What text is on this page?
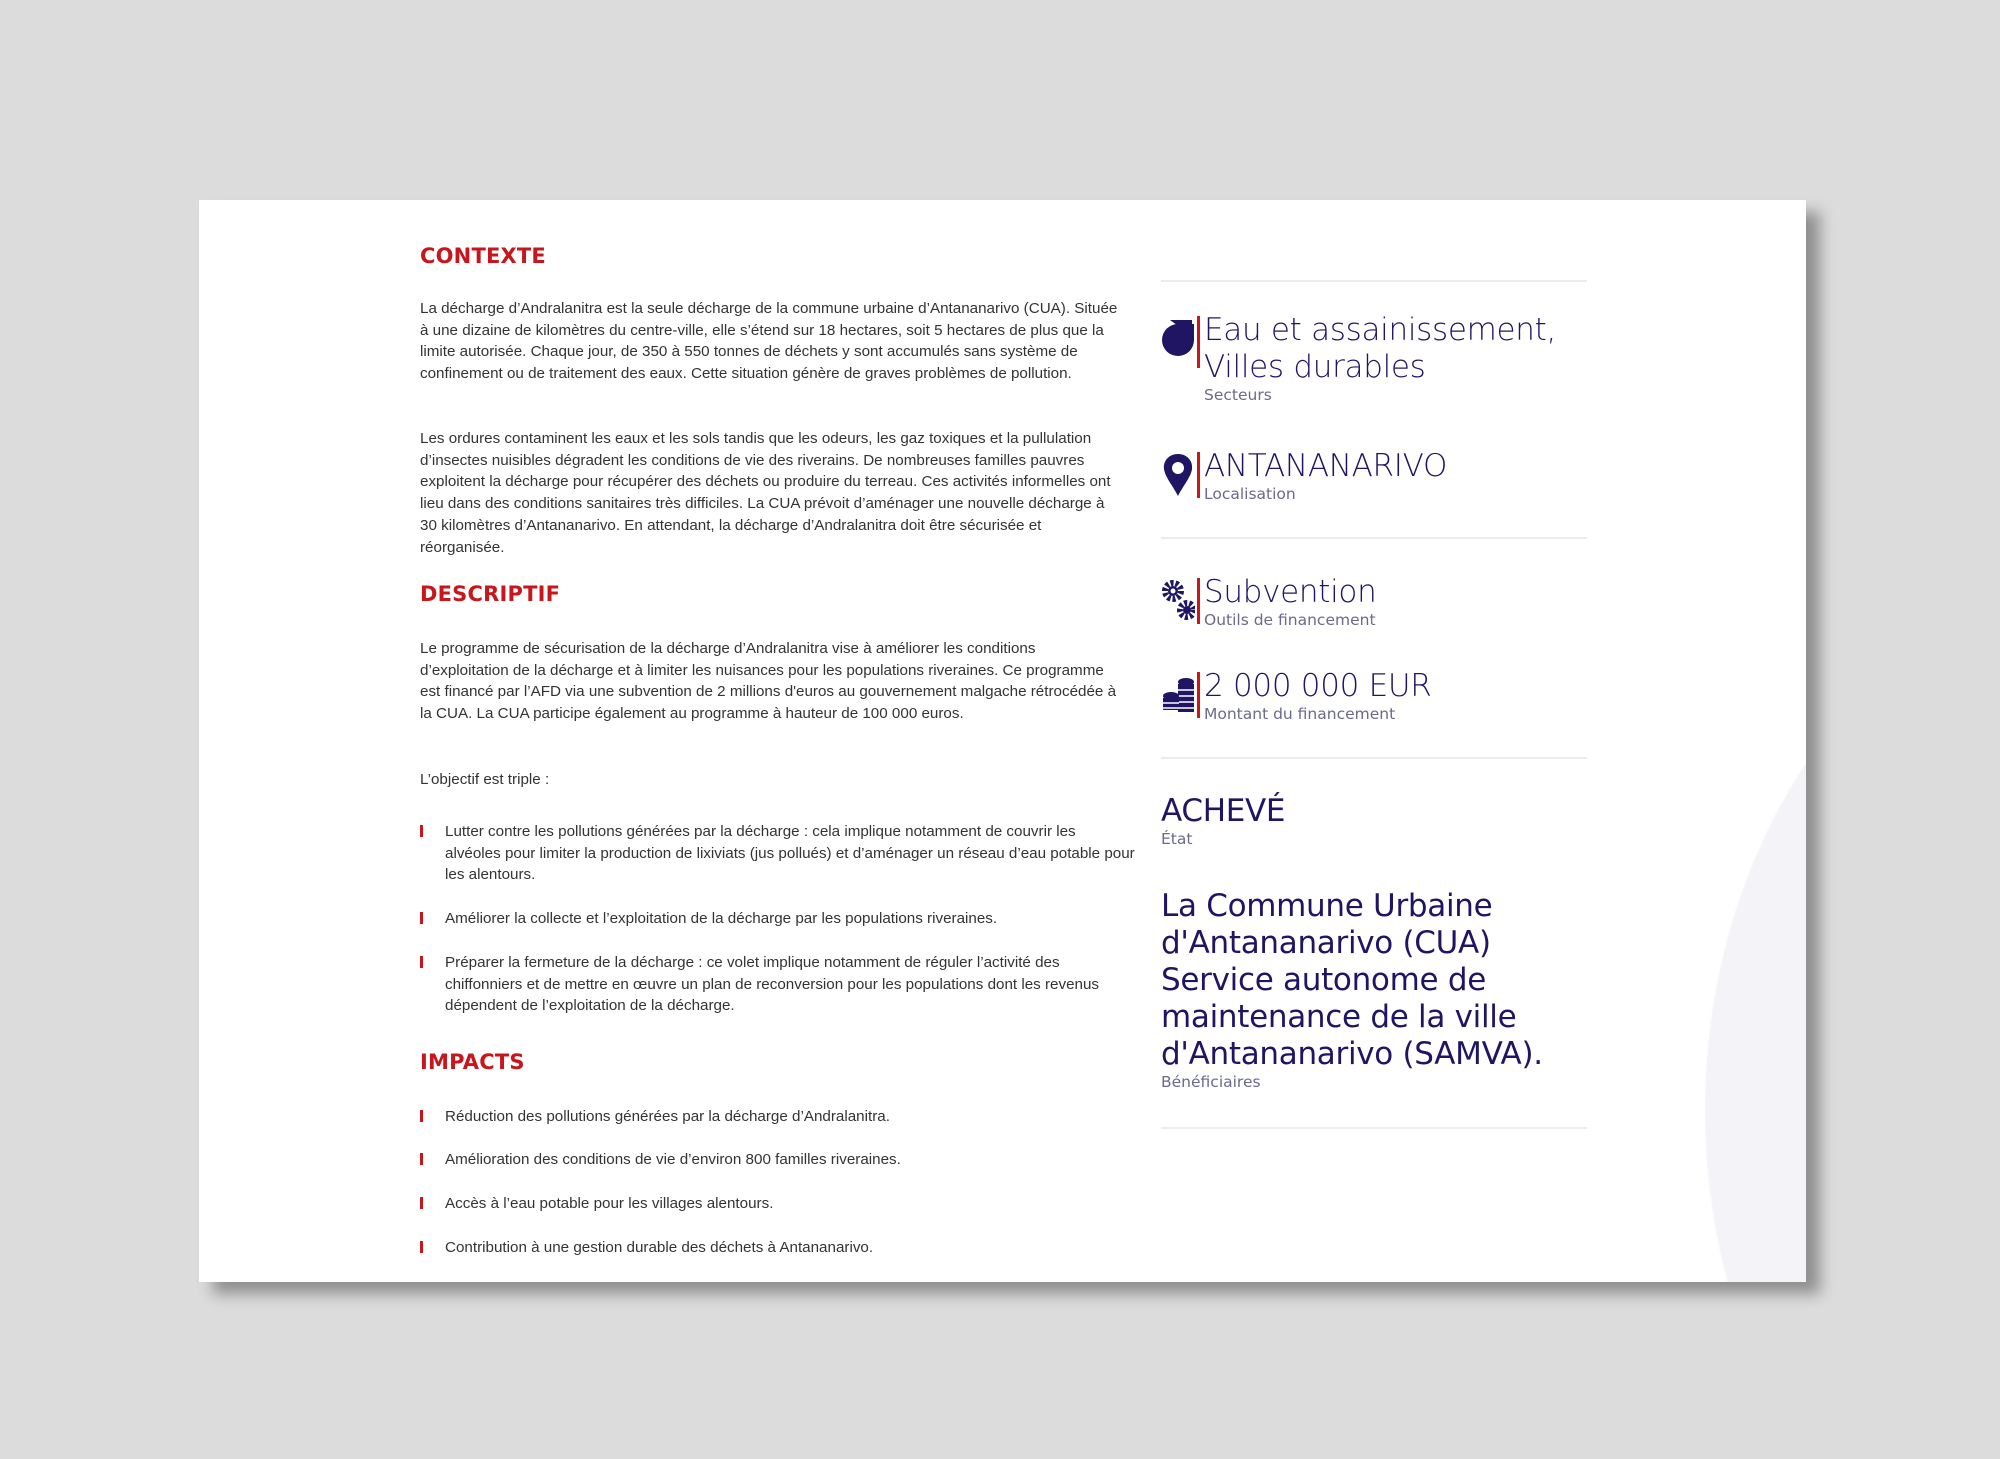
CONTEXTE
La décharge d’Andralanitra est la seule décharge de la commune urbaine d’Antananarivo (CUA). Située à une dizaine de kilomètres du centre-ville, elle s’étend sur 18 hectares, soit 5 hectares de plus que la limite autorisée. Chaque jour, de 350 à 550 tonnes de déchets y sont accumulés sans système de confinement ou de traitement des eaux. Cette situation génère de graves problèmes de pollution.
Les ordures contaminent les eaux et les sols tandis que les odeurs, les gaz toxiques et la pullulation d’insectes nuisibles dégradent les conditions de vie des riverains. De nombreuses familles pauvres exploitent la décharge pour récupérer des déchets ou produire du terreau. Ces activités informelles ont lieu dans des conditions sanitaires très difficiles. La CUA prévoit d’aménager une nouvelle décharge à 30 kilomètres d’Antananarivo. En attendant, la décharge d’Andralanitra doit être sécurisée et réorganisée.
DESCRIPTIF
Le programme de sécurisation de la décharge d’Andralanitra vise à améliorer les conditions d’exploitation de la décharge et à limiter les nuisances pour les populations riveraines. Ce programme est financé par l’AFD via une subvention de 2 millions d'euros au gouvernement malgache rétrocédée à la CUA. La CUA participe également au programme à hauteur de 100 000 euros.
L’objectif est triple :
Lutter contre les pollutions générées par la décharge : cela implique notamment de couvrir les alvéoles pour limiter la production de lixiviats (jus pollués) et d’aménager un réseau d’eau potable pour les alentours.
Améliorer la collecte et l’exploitation de la décharge par les populations riveraines.
Préparer la fermeture de la décharge : ce volet implique notamment de réguler l’activité des chiffonniers et de mettre en œuvre un plan de reconversion pour les populations dont les revenus dépendent de l’exploitation de la décharge.
IMPACTS
Réduction des pollutions générées par la décharge d’Andralanitra.
Amélioration des conditions de vie d’environ 800 familles riveraines.
Accès à l’eau potable pour les villages alentours.
Contribution à une gestion durable des déchets à Antananarivo.
Eau et assainissement,
Villes durables
Secteurs
ANTANANARIVO
Localisation
Subvention
Outils de financement
2 000 000 EUR
Montant du financement
ACHEVÉ
État
La Commune Urbaine
d'Antananarivo (CUA)
Service autonome de
maintenance de la ville
d'Antananarivo (SAMVA).
Bénéficiaires
